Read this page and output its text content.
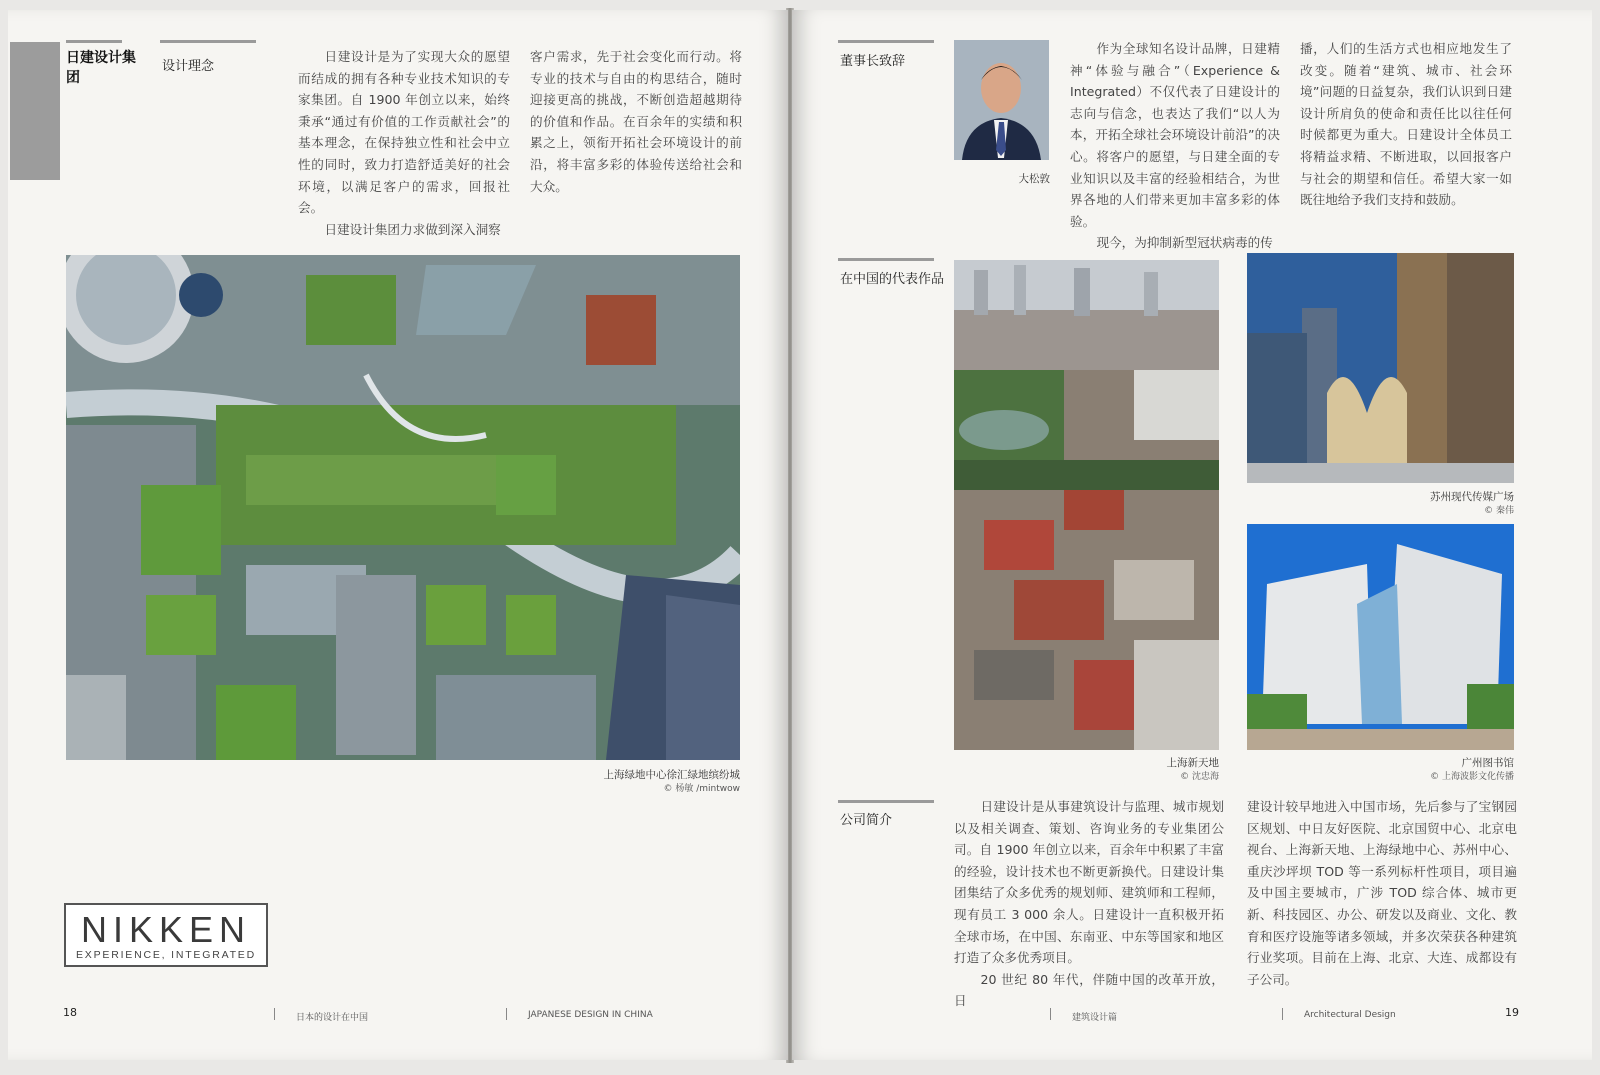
日建设计集团
设计理念

日建设计是为了实现大众的愿望而结成的拥有各种专业技术知识的专家集团。自 1900 年创立以来，始终秉承“通过有价值的工作贡献社会”的基本理念，在保持独立性和社会中立性的同时，致力打造舒适美好的社会环境，以满足客户的需求，回报社会。

日建设计集团力求做到深入洞察

客户需求，先于社会变化而行动。将专业的技术与自由的构思结合，随时迎接更高的挑战，不断创造超越期待的价值和作品。在百余年的实绩和积累之上，领衔开拓社会环境设计的前沿，将丰富多彩的体验传送给社会和大众。

上海绿地中心徐汇绿地缤纷城
© 杨敏 /mintwow
NIKKEN
EXPERIENCE, INTEGRATED
18	日本的设计在中国	JAPANESE DESIGN IN CHINA
董事长致辞
大松敦

作为全球知名设计品牌，日建精神“体验与融合”（Experience & Integrated）不仅代表了日建设计的志向与信念，也表达了我们“以人为本，开拓全球社会环境设计前沿”的决心。将客户的愿望，与日建全面的专业知识以及丰富的经验相结合，为世界各地的人们带来更加丰富多彩的体验。

现今，为抑制新型冠状病毒的传

播，人们的生活方式也相应地发生了改变。随着“建筑、城市、社会环境”问题的日益复杂，我们认识到日建设计所肩负的使命和责任比以往任何时候都更为重大。日建设计全体员工将精益求精、不断进取，以回报客户与社会的期望和信任。希望大家一如既往地给予我们支持和鼓励。

在中国的代表作品
上海新天地
© 沈忠海
苏州现代传媒广场
© 秦伟
广州图书馆
© 上海波影文化传播
公司简介

日建设计是从事建筑设计与监理、城市规划以及相关调查、策划、咨询业务的专业集团公司。自 1900 年创立以来，百余年中积累了丰富的经验，设计技术也不断更新换代。日建设计集团集结了众多优秀的规划师、建筑师和工程师，现有员工 3 000 余人。日建设计一直积极开拓全球市场，在中国、东南亚、中东等国家和地区打造了众多优秀项目。

20 世纪 80 年代，伴随中国的改革开放，日

建设计较早地进入中国市场，先后参与了宝钢园区规划、中日友好医院、北京国贸中心、北京电视台、上海新天地、上海绿地中心、苏州中心、重庆沙坪坝 TOD 等一系列标杆性项目，项目遍及中国主要城市，广涉 TOD 综合体、城市更新、科技园区、办公、研发以及商业、文化、教育和医疗设施等诸多领域，并多次荣获各种建筑行业奖项。目前在上海、北京、大连、成都设有子公司。

建筑设计篇	Architectural Design	19
